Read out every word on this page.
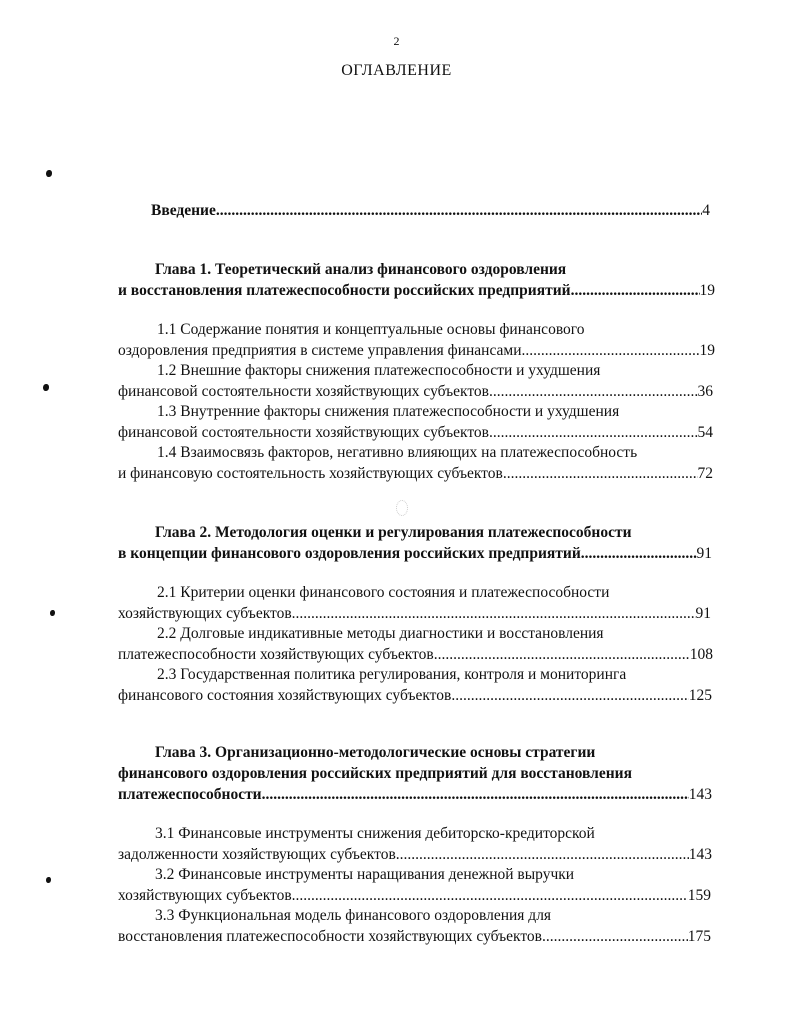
2
ОГЛАВЛЕНИЕ
Введение .....	4
Глава 1. Теоретический анализ финансового оздоровления
и восстановления платежеспособности российских предприятий .....	19
1.1 Содержание понятия и концептуальные основы финансового
оздоровления предприятия в системе управления финансами .....	19
1.2 Внешние факторы снижения платежеспособности и ухудшения
финансовой состоятельности хозяйствующих субъектов .....	36
1.3 Внутренние факторы снижения платежеспособности и ухудшения
финансовой состоятельности хозяйствующих субъектов .....	54
1.4 Взаимосвязь факторов, негативно влияющих на платежеспособность
и финансовую состоятельность хозяйствующих субъектов .....	72
Глава 2. Методология оценки и регулирования платежеспособности
в концепции финансового оздоровления российских предприятий .....	91
2.1 Критерии оценки финансового состояния и платежеспособности
хозяйствующих субъектов .....	91
2.2 Долговые индикативные методы диагностики и восстановления
платежеспособности хозяйствующих субъектов .....	108
2.3 Государственная политика регулирования, контроля и мониторинга
финансового состояния хозяйствующих субъектов .....	125
Глава 3. Организационно-методологические основы стратегии
финансового оздоровления российских предприятий для восстановления
платежеспособности .....	143
3.1 Финансовые инструменты снижения дебиторско-кредиторской
задолженности хозяйствующих субъектов .....	143
3.2 Финансовые инструменты наращивания денежной выручки
хозяйствующих субъектов .....	159
3.3 Функциональная модель финансового оздоровления для
восстановления платежеспособности хозяйствующих субъектов .....	175
